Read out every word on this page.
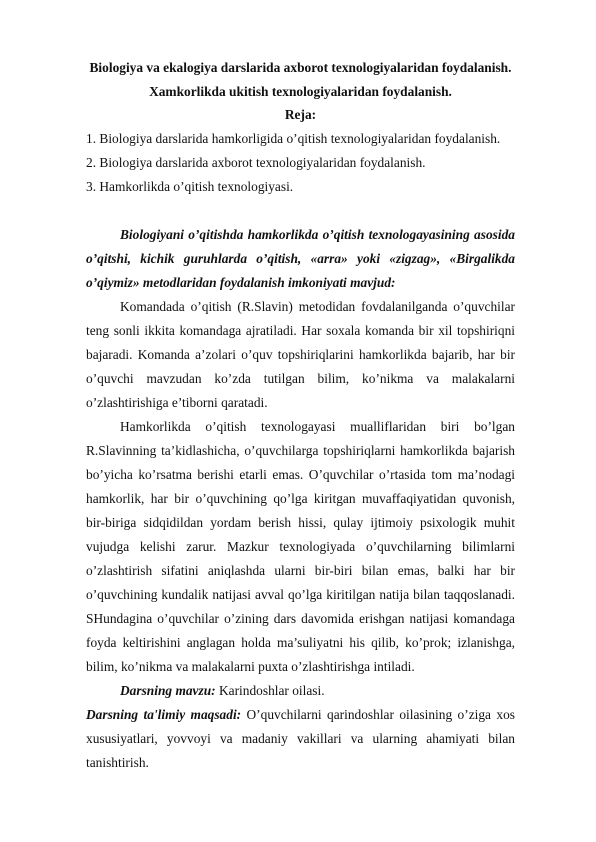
Biologiya va ekalogiya darslarida axborot texnologiyalaridan foydalanish.

Xamkorlikda ukitish texnologiyalaridan foydalanish.

Reja:

1. Biologiya darslarida hamkorligida o’qitish texnologiyalaridan foydalanish.
2. Biologiya darslarida axborot texnologiyalaridan foydalanish.
3. Hamkorlikda o’qitish texnologiyasi.

Biologiyani o’qitishda hamkorlikda o’qitish texnologayasining asosida o’qitshi, kichik guruhlarda o’qitish, «arra» yoki «zigzag», «Birgalikda o’qiymiz» metodlaridan foydalanish imkoniyati mavjud:

Komandada o’qitish (R.Slavin) metodidan fovdalanilganda o’quvchilar teng sonli ikkita komandaga ajratiladi. Har soxala komanda bir xil topshiriqni bajaradi. Komanda a’zolari o’quv topshiriqlarini hamkorlikda bajarib, har bir o’quvchi mavzudan ko’zda tutilgan bilim, ko’nikma va malakalarni o’zlashtirishiga e’tiborni qaratadi.

Hamkorlikda o’qitish texnologayasi mualliflaridan biri bo’lgan R.Slavinning ta’kidlashicha, o’quvchilarga topshiriqlarni hamkorlikda bajarish bo’yicha ko’rsatma berishi etarli emas. O’quvchilar o’rtasida tom ma’nodagi hamkorlik, har bir o’quvchining qo’lga kiritgan muvaffaqiyatidan quvonish, bir-biriga sidqidildan yordam berish hissi, qulay ijtimoiy psixologik muhit vujudga kelishi zarur. Mazkur texnologiyada o’quvchilarning bilimlarni o’zlashtirish sifatini aniqlashda ularni bir-biri bilan emas, balki har bir o’quvchining kundalik natijasi avval qo’lga kiritilgan natija bilan taqqoslanadi. SHundagina o’quvchilar o’zining dars davomida erishgan natijasi komandaga foyda keltirishini anglagan holda ma’suliyatni his qilib, ko’prok; izlanishga, bilim, ko’nikma va malakalarni puxta o’zlashtirishga intiladi.

Darsning mavzu: Karindoshlar oilasi.

Darsning ta'limiy maqsadi: O’quvchilarni qarindoshlar oilasining o’ziga xos xususiyatlari, yovvoyi va madaniy vakillari va ularning ahamiyati bilan tanishtirish.
